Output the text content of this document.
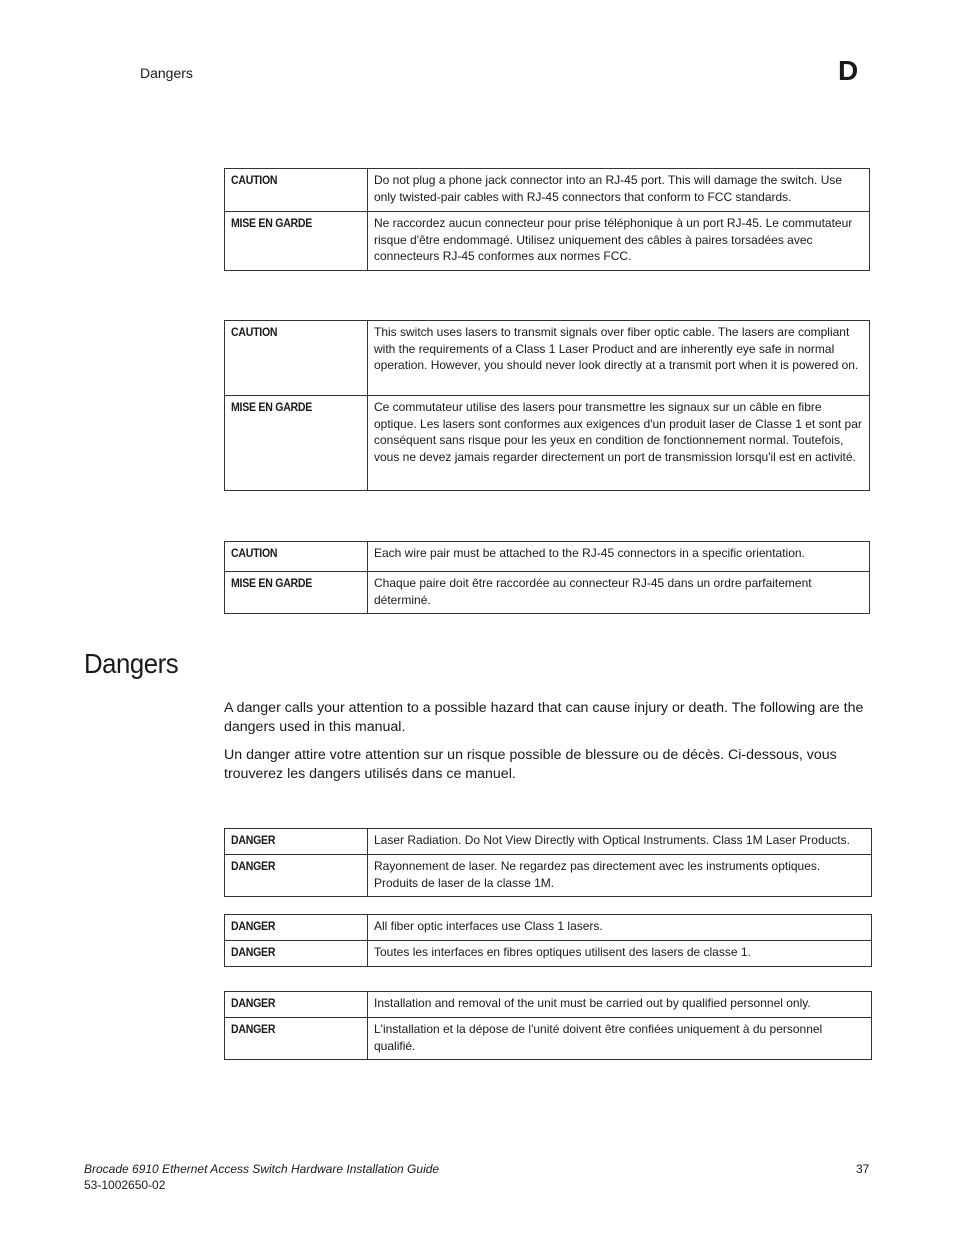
Dangers	D
CAUTION	Do not plug a phone jack connector into an RJ-45 port. This will damage the switch. Use only twisted-pair cables with RJ-45 connectors that conform to FCC standards.
MISE EN GARDE	Ne raccordez aucun connecteur pour prise téléphonique à un port RJ-45. Le commutateur risque d'être endommagé. Utilisez uniquement des câbles à paires torsadées avec connecteurs RJ-45 conformes aux normes FCC.
CAUTION	This switch uses lasers to transmit signals over fiber optic cable. The lasers are compliant with the requirements of a Class 1 Laser Product and are inherently eye safe in normal operation. However, you should never look directly at a transmit port when it is powered on.
MISE EN GARDE	Ce commutateur utilise des lasers pour transmettre les signaux sur un câble en fibre optique. Les lasers sont conformes aux exigences d'un produit laser de Classe 1 et sont par conséquent sans risque pour les yeux en condition de fonctionnement normal. Toutefois, vous ne devez jamais regarder directement un port de transmission lorsqu'il est en activité.
CAUTION	Each wire pair must be attached to the RJ-45 connectors in a specific orientation.
MISE EN GARDE	Chaque paire doit être raccordée au connecteur RJ-45 dans un ordre parfaitement déterminé.
Dangers

A danger calls your attention to a possible hazard that can cause injury or death. The following are the dangers used in this manual.

Un danger attire votre attention sur un risque possible de blessure ou de décès. Ci-dessous, vous trouverez les dangers utilisés dans ce manuel.

DANGER	Laser Radiation. Do Not View Directly with Optical Instruments. Class 1M Laser Products.
DANGER	Rayonnement de laser. Ne regardez pas directement avec les instruments optiques. Produits de laser de la classe 1M.
DANGER	All fiber optic interfaces use Class 1 lasers.
DANGER	Toutes les interfaces en fibres optiques utilisent des lasers de classe 1.
DANGER	Installation and removal of the unit must be carried out by qualified personnel only.
DANGER	L'installation et la dépose de l'unité doivent être confiées uniquement à du personnel qualifié.
Brocade 6910 Ethernet Access Switch Hardware Installation Guide
53-1002650-02
37
